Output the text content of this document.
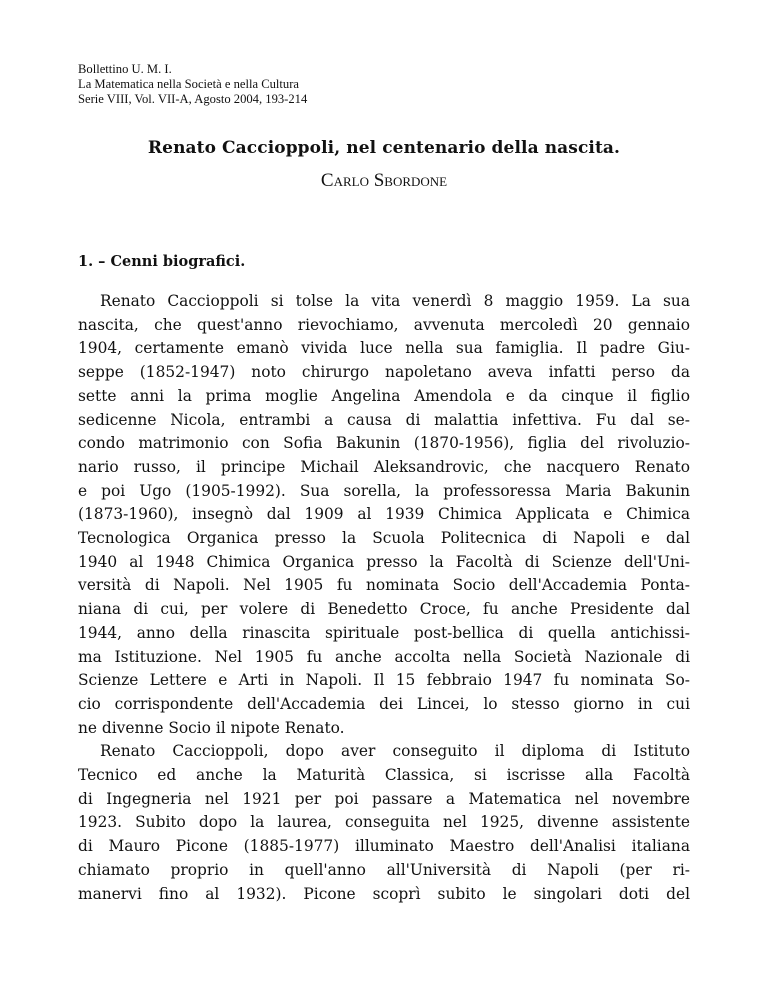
Bollettino U. M. I.
La Matematica nella Società e nella Cultura
Serie VIII, Vol. VII-A, Agosto 2004, 193-214
Renato Caccioppoli, nel centenario della nascita.
Carlo Sbordone
1. – Cenni biografici.
Renato Caccioppoli si tolse la vita venerdì 8 maggio 1959. La sua
nascita, che quest'anno rievochiamo, avvenuta mercoledì 20 gennaio
1904, certamente emanò vivida luce nella sua famiglia. Il padre Giu-
seppe (1852-1947) noto chirurgo napoletano aveva infatti perso da
sette anni la prima moglie Angelina Amendola e da cinque il figlio
sedicenne Nicola, entrambi a causa di malattia infettiva. Fu dal se-
condo matrimonio con Sofia Bakunin (1870-1956), figlia del rivoluzio-
nario russo, il principe Michail Aleksandrovic, che nacquero Renato
e poi Ugo (1905-1992). Sua sorella, la professoressa Maria Bakunin
(1873-1960), insegnò dal 1909 al 1939 Chimica Applicata e Chimica
Tecnologica Organica presso la Scuola Politecnica di Napoli e dal
1940 al 1948 Chimica Organica presso la Facoltà di Scienze dell'Uni-
versità di Napoli. Nel 1905 fu nominata Socio dell'Accademia Ponta-
niana di cui, per volere di Benedetto Croce, fu anche Presidente dal
1944, anno della rinascita spirituale post-bellica di quella antichissi-
ma Istituzione. Nel 1905 fu anche accolta nella Società Nazionale di
Scienze Lettere e Arti in Napoli. Il 15 febbraio 1947 fu nominata So-
cio corrispondente dell'Accademia dei Lincei, lo stesso giorno in cui
ne divenne Socio il nipote Renato.
Renato Caccioppoli, dopo aver conseguito il diploma di Istituto
Tecnico ed anche la Maturità Classica, si iscrisse alla Facoltà
di Ingegneria nel 1921 per poi passare a Matematica nel novembre
1923. Subito dopo la laurea, conseguita nel 1925, divenne assistente
di Mauro Picone (1885-1977) illuminato Maestro dell'Analisi italiana
chiamato proprio in quell'anno all'Università di Napoli (per ri-
manervi fino al 1932). Picone scoprì subito le singolari doti del
